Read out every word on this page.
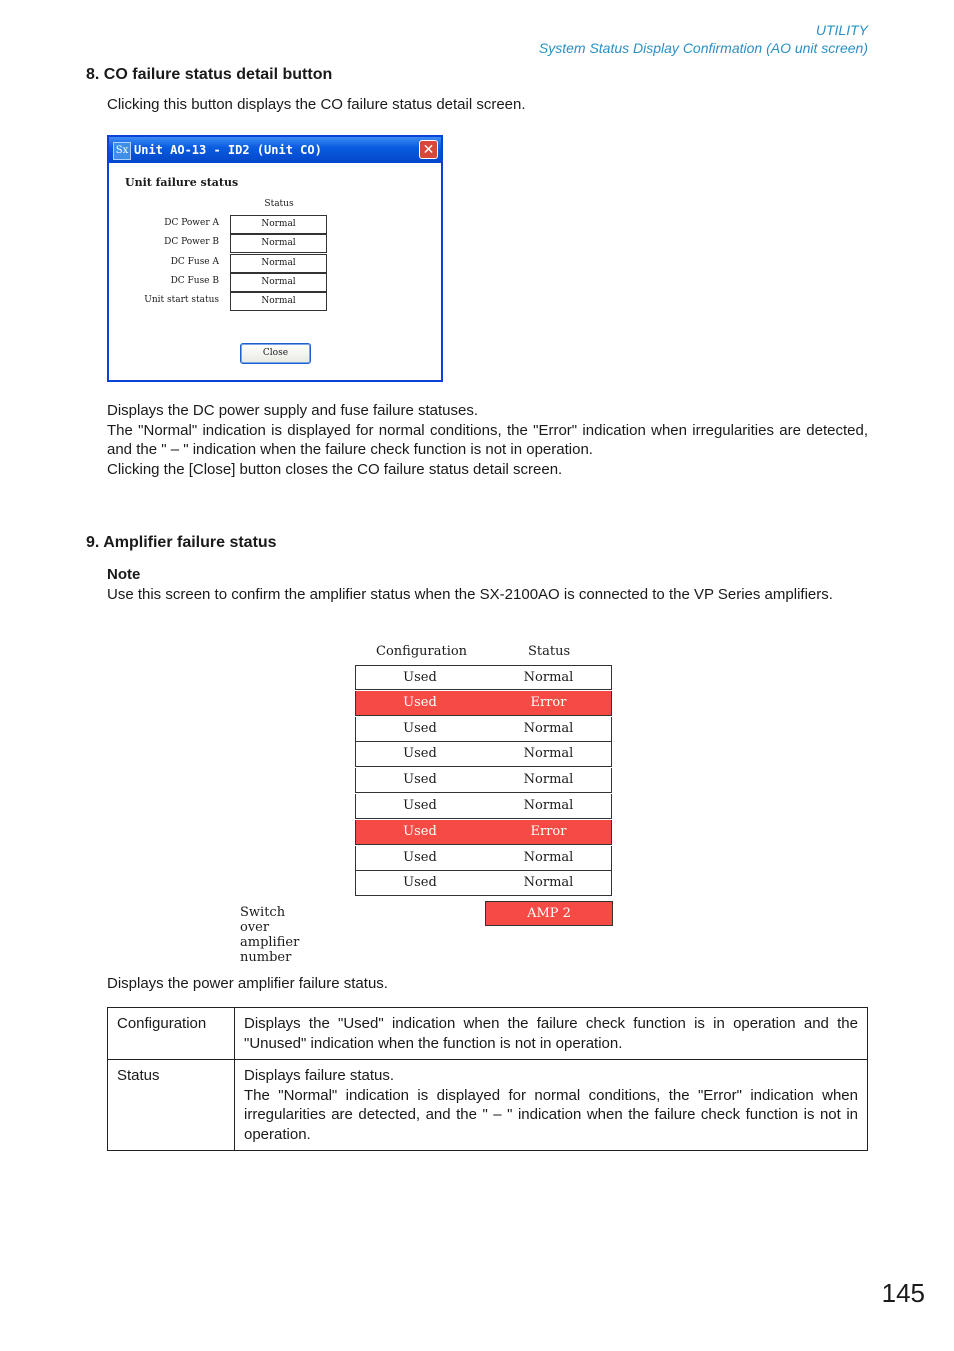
UTILITY
System Status Display Confirmation (AO unit screen)
8. CO failure status detail button
Clicking this button displays the CO failure status detail screen.
Sx Unit AO-13 - ID2 (Unit CO)	✕
Unit failure status
Status
DC Power A	Normal
DC Power B	Normal
DC Fuse A	Normal
DC Fuse B	Normal
Unit start status	Normal
Close

Displays the DC power supply and fuse failure statuses.

The "Normal" indication is displayed for normal conditions, the "Error" indication when irregularities are detected, and the " – " indication when the failure check function is not in operation.

Clicking the [Close] button closes the CO failure status detail screen.

9. Amplifier failure status

Note

Use this screen to confirm the amplifier status when the SX-2100AO is connected to the VP Series amplifiers.

Configuration	Status
Used	Normal
Used	Error
Used	Normal
Used	Normal
Used	Normal
Used	Normal
Used	Error
Used	Normal
Used	Normal
Switch over amplifier number
AMP 2
Displays the power amplifier failure status.
Configuration	Displays the "Used" indication when the failure check function is in operation and the "Unused" indication when the function is not in operation.

Status	Displays failure status.
The "Normal" indication is displayed for normal conditions, the "Error" indication when irregularities are detected, and the " – " indication when the failure check function is not in operation.
145
